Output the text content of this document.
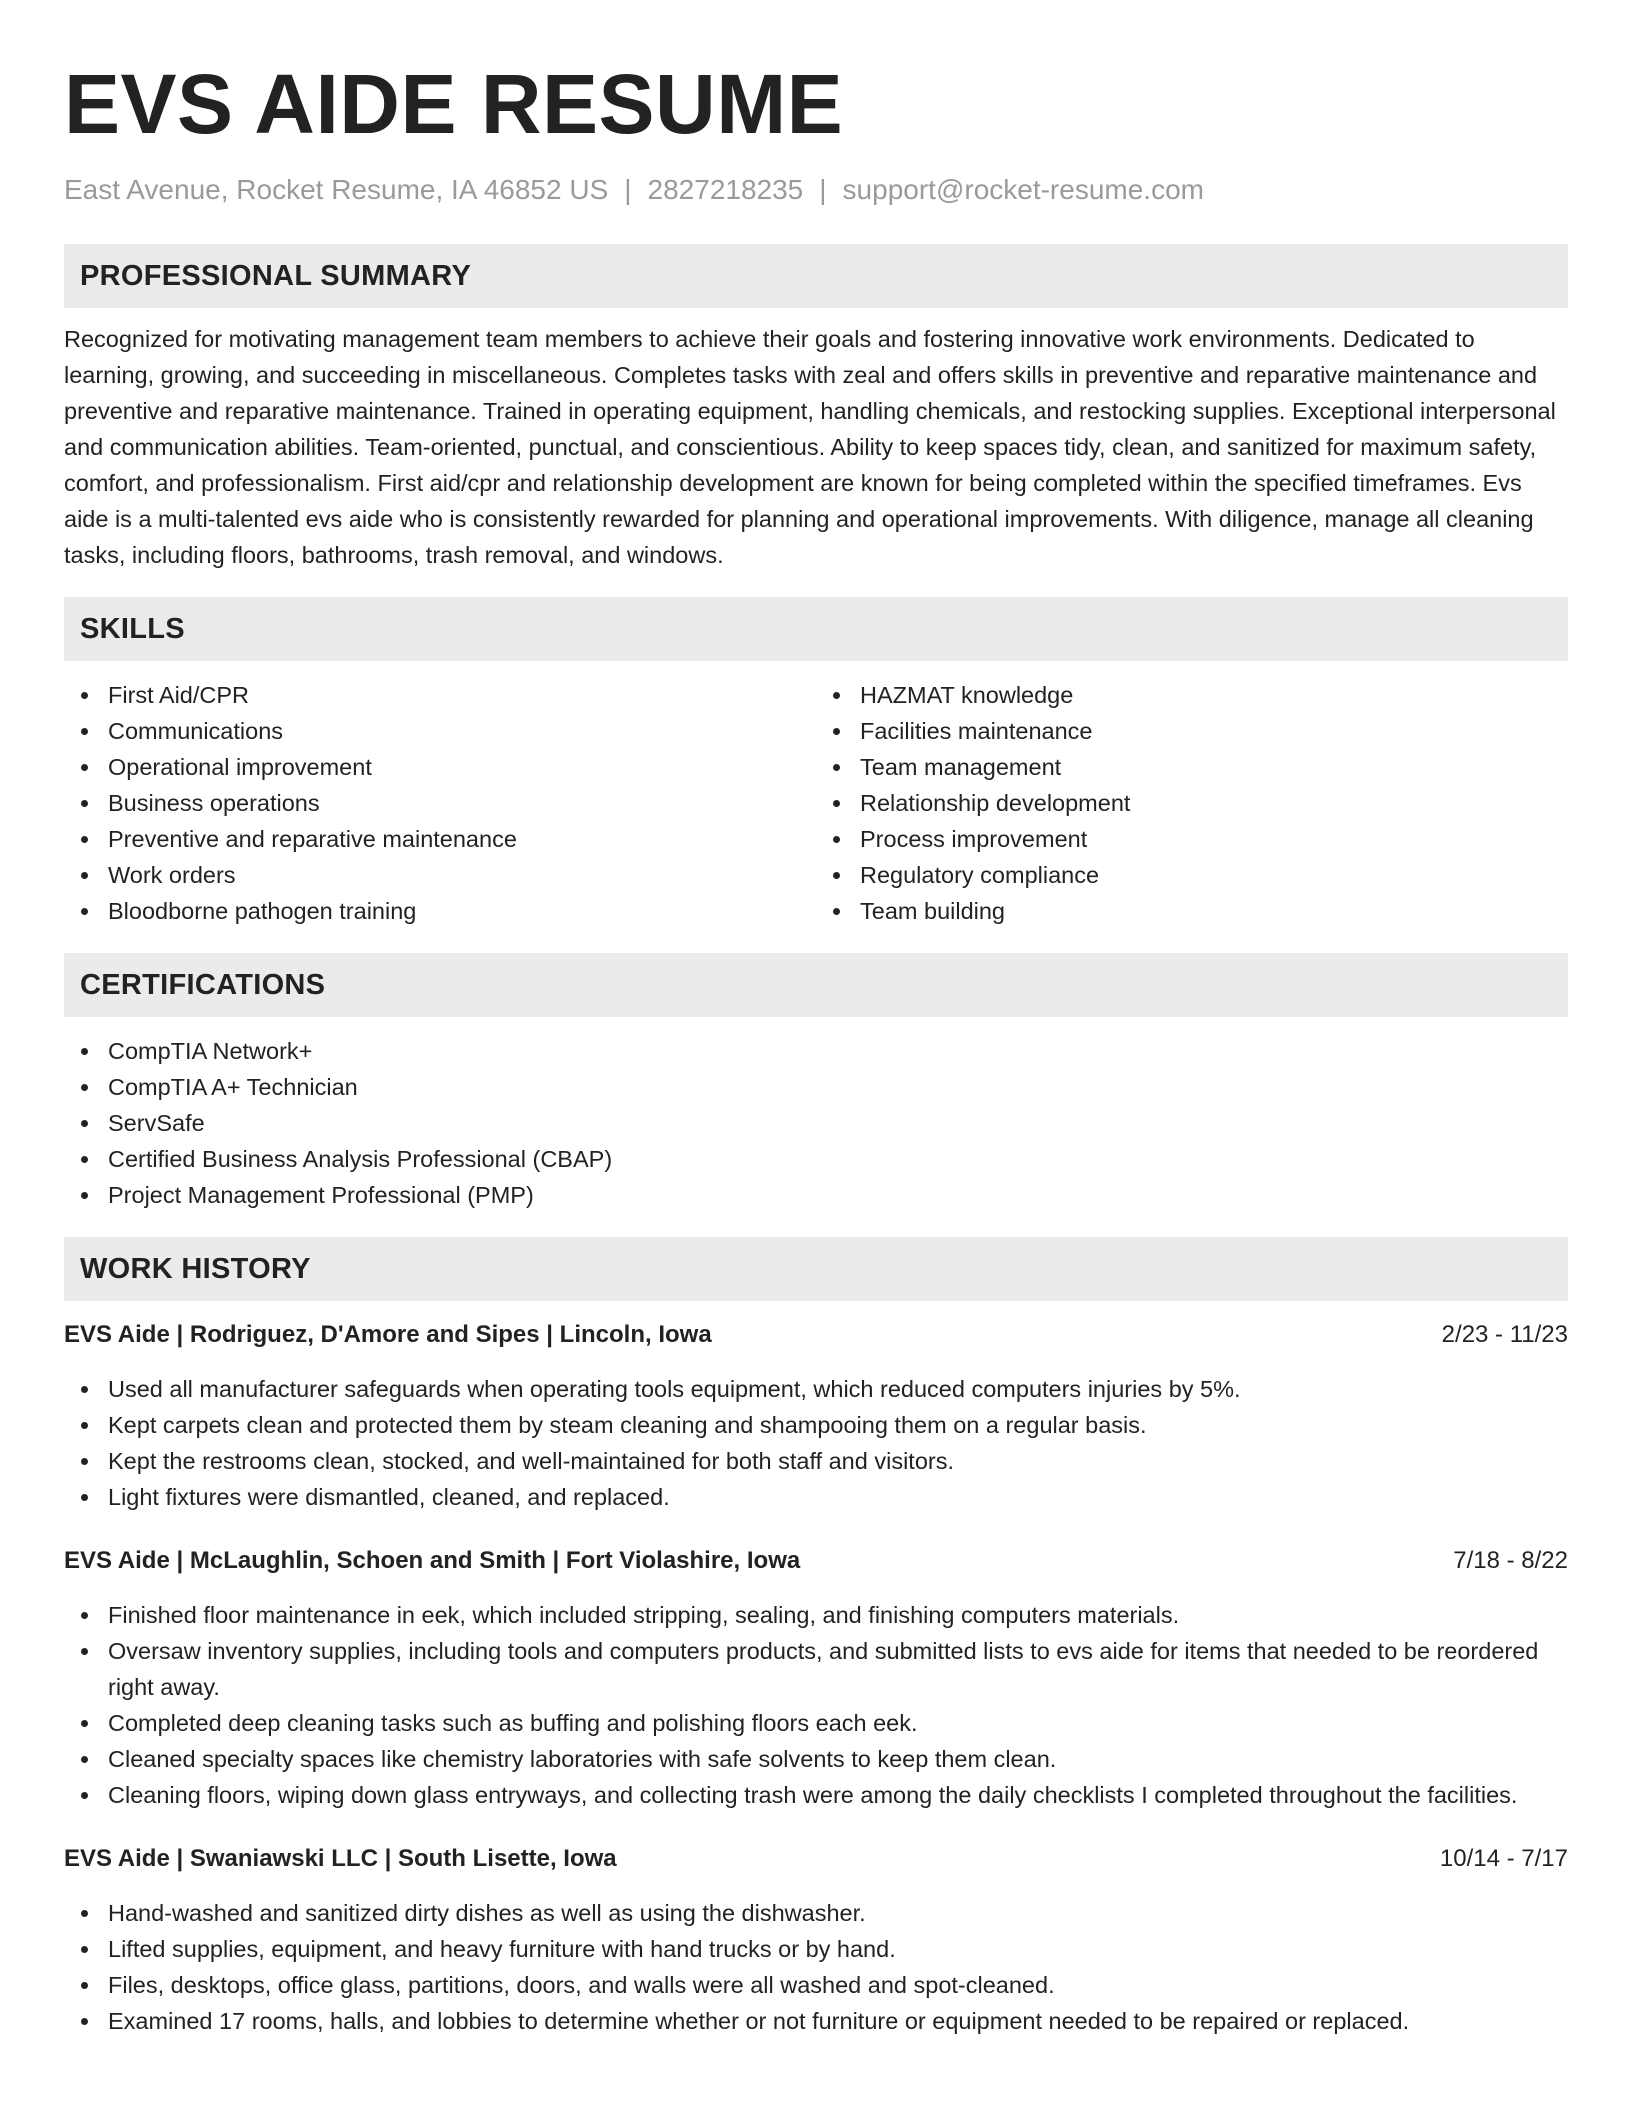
EVS AIDE RESUME
East Avenue, Rocket Resume, IA 46852 US | 2827218235 | support@rocket-resume.com
PROFESSIONAL SUMMARY

Recognized for motivating management team members to achieve their goals and fostering innovative work environments. Dedicated to learning, growing, and succeeding in miscellaneous. Completes tasks with zeal and offers skills in preventive and reparative maintenance and preventive and reparative maintenance. Trained in operating equipment, handling chemicals, and restocking supplies. Exceptional interpersonal and communication abilities. Team-oriented, punctual, and conscientious. Ability to keep spaces tidy, clean, and sanitized for maximum safety, comfort, and professionalism. First aid/cpr and relationship development are known for being completed within the specified timeframes. Evs aide is a multi-talented evs aide who is consistently rewarded for planning and operational improvements. With diligence, manage all cleaning tasks, including floors, bathrooms, trash removal, and windows.

SKILLS
First Aid/CPR
Communications
Operational improvement
Business operations
Preventive and reparative maintenance
Work orders
Bloodborne pathogen training
HAZMAT knowledge
Facilities maintenance
Team management
Relationship development
Process improvement
Regulatory compliance
Team building
CERTIFICATIONS
CompTIA Network+
CompTIA A+ Technician
ServSafe
Certified Business Analysis Professional (CBAP)
Project Management Professional (PMP)
WORK HISTORY
EVS Aide | Rodriguez, D'Amore and Sipes | Lincoln, Iowa	2/23 - 11/23
Used all manufacturer safeguards when operating tools equipment, which reduced computers injuries by 5%.
Kept carpets clean and protected them by steam cleaning and shampooing them on a regular basis.
Kept the restrooms clean, stocked, and well-maintained for both staff and visitors.
Light fixtures were dismantled, cleaned, and replaced.
EVS Aide | McLaughlin, Schoen and Smith | Fort Violashire, Iowa	7/18 - 8/22
Finished floor maintenance in eek, which included stripping, sealing, and finishing computers materials.
Oversaw inventory supplies, including tools and computers products, and submitted lists to evs aide for items that needed to be reordered right away.
Completed deep cleaning tasks such as buffing and polishing floors each eek.
Cleaned specialty spaces like chemistry laboratories with safe solvents to keep them clean.
Cleaning floors, wiping down glass entryways, and collecting trash were among the daily checklists I completed throughout the facilities.
EVS Aide | Swaniawski LLC | South Lisette, Iowa	10/14 - 7/17
Hand-washed and sanitized dirty dishes as well as using the dishwasher.
Lifted supplies, equipment, and heavy furniture with hand trucks or by hand.
Files, desktops, office glass, partitions, doors, and walls were all washed and spot-cleaned.
Examined 17 rooms, halls, and lobbies to determine whether or not furniture or equipment needed to be repaired or replaced.
